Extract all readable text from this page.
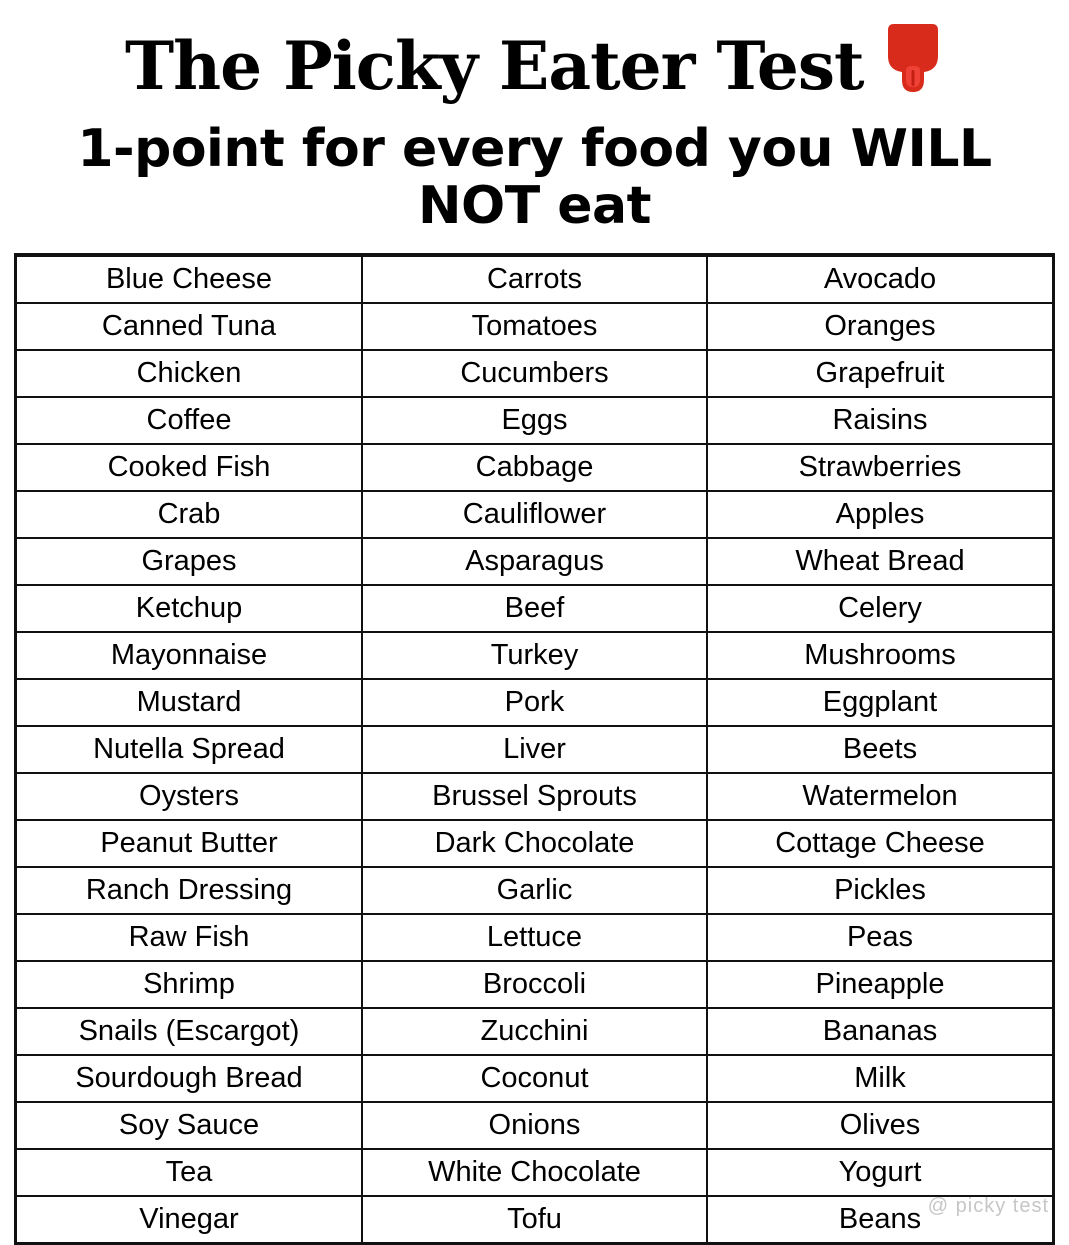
The Picky Eater Test
1-point for every food you WILL NOT eat
Blue Cheese	Carrots	Avocado
Canned Tuna	Tomatoes	Oranges
Chicken	Cucumbers	Grapefruit
Coffee	Eggs	Raisins
Cooked Fish	Cabbage	Strawberries
Crab	Cauliflower	Apples
Grapes	Asparagus	Wheat Bread
Ketchup	Beef	Celery
Mayonnaise	Turkey	Mushrooms
Mustard	Pork	Eggplant
Nutella Spread	Liver	Beets
Oysters	Brussel Sprouts	Watermelon
Peanut Butter	Dark Chocolate	Cottage Cheese
Ranch Dressing	Garlic	Pickles
Raw Fish	Lettuce	Peas
Shrimp	Broccoli	Pineapple
Snails (Escargot)	Zucchini	Bananas
Sourdough Bread	Coconut	Milk
Soy Sauce	Onions	Olives
Tea	White Chocolate	Yogurt
Vinegar	Tofu	Beans @ picky test
